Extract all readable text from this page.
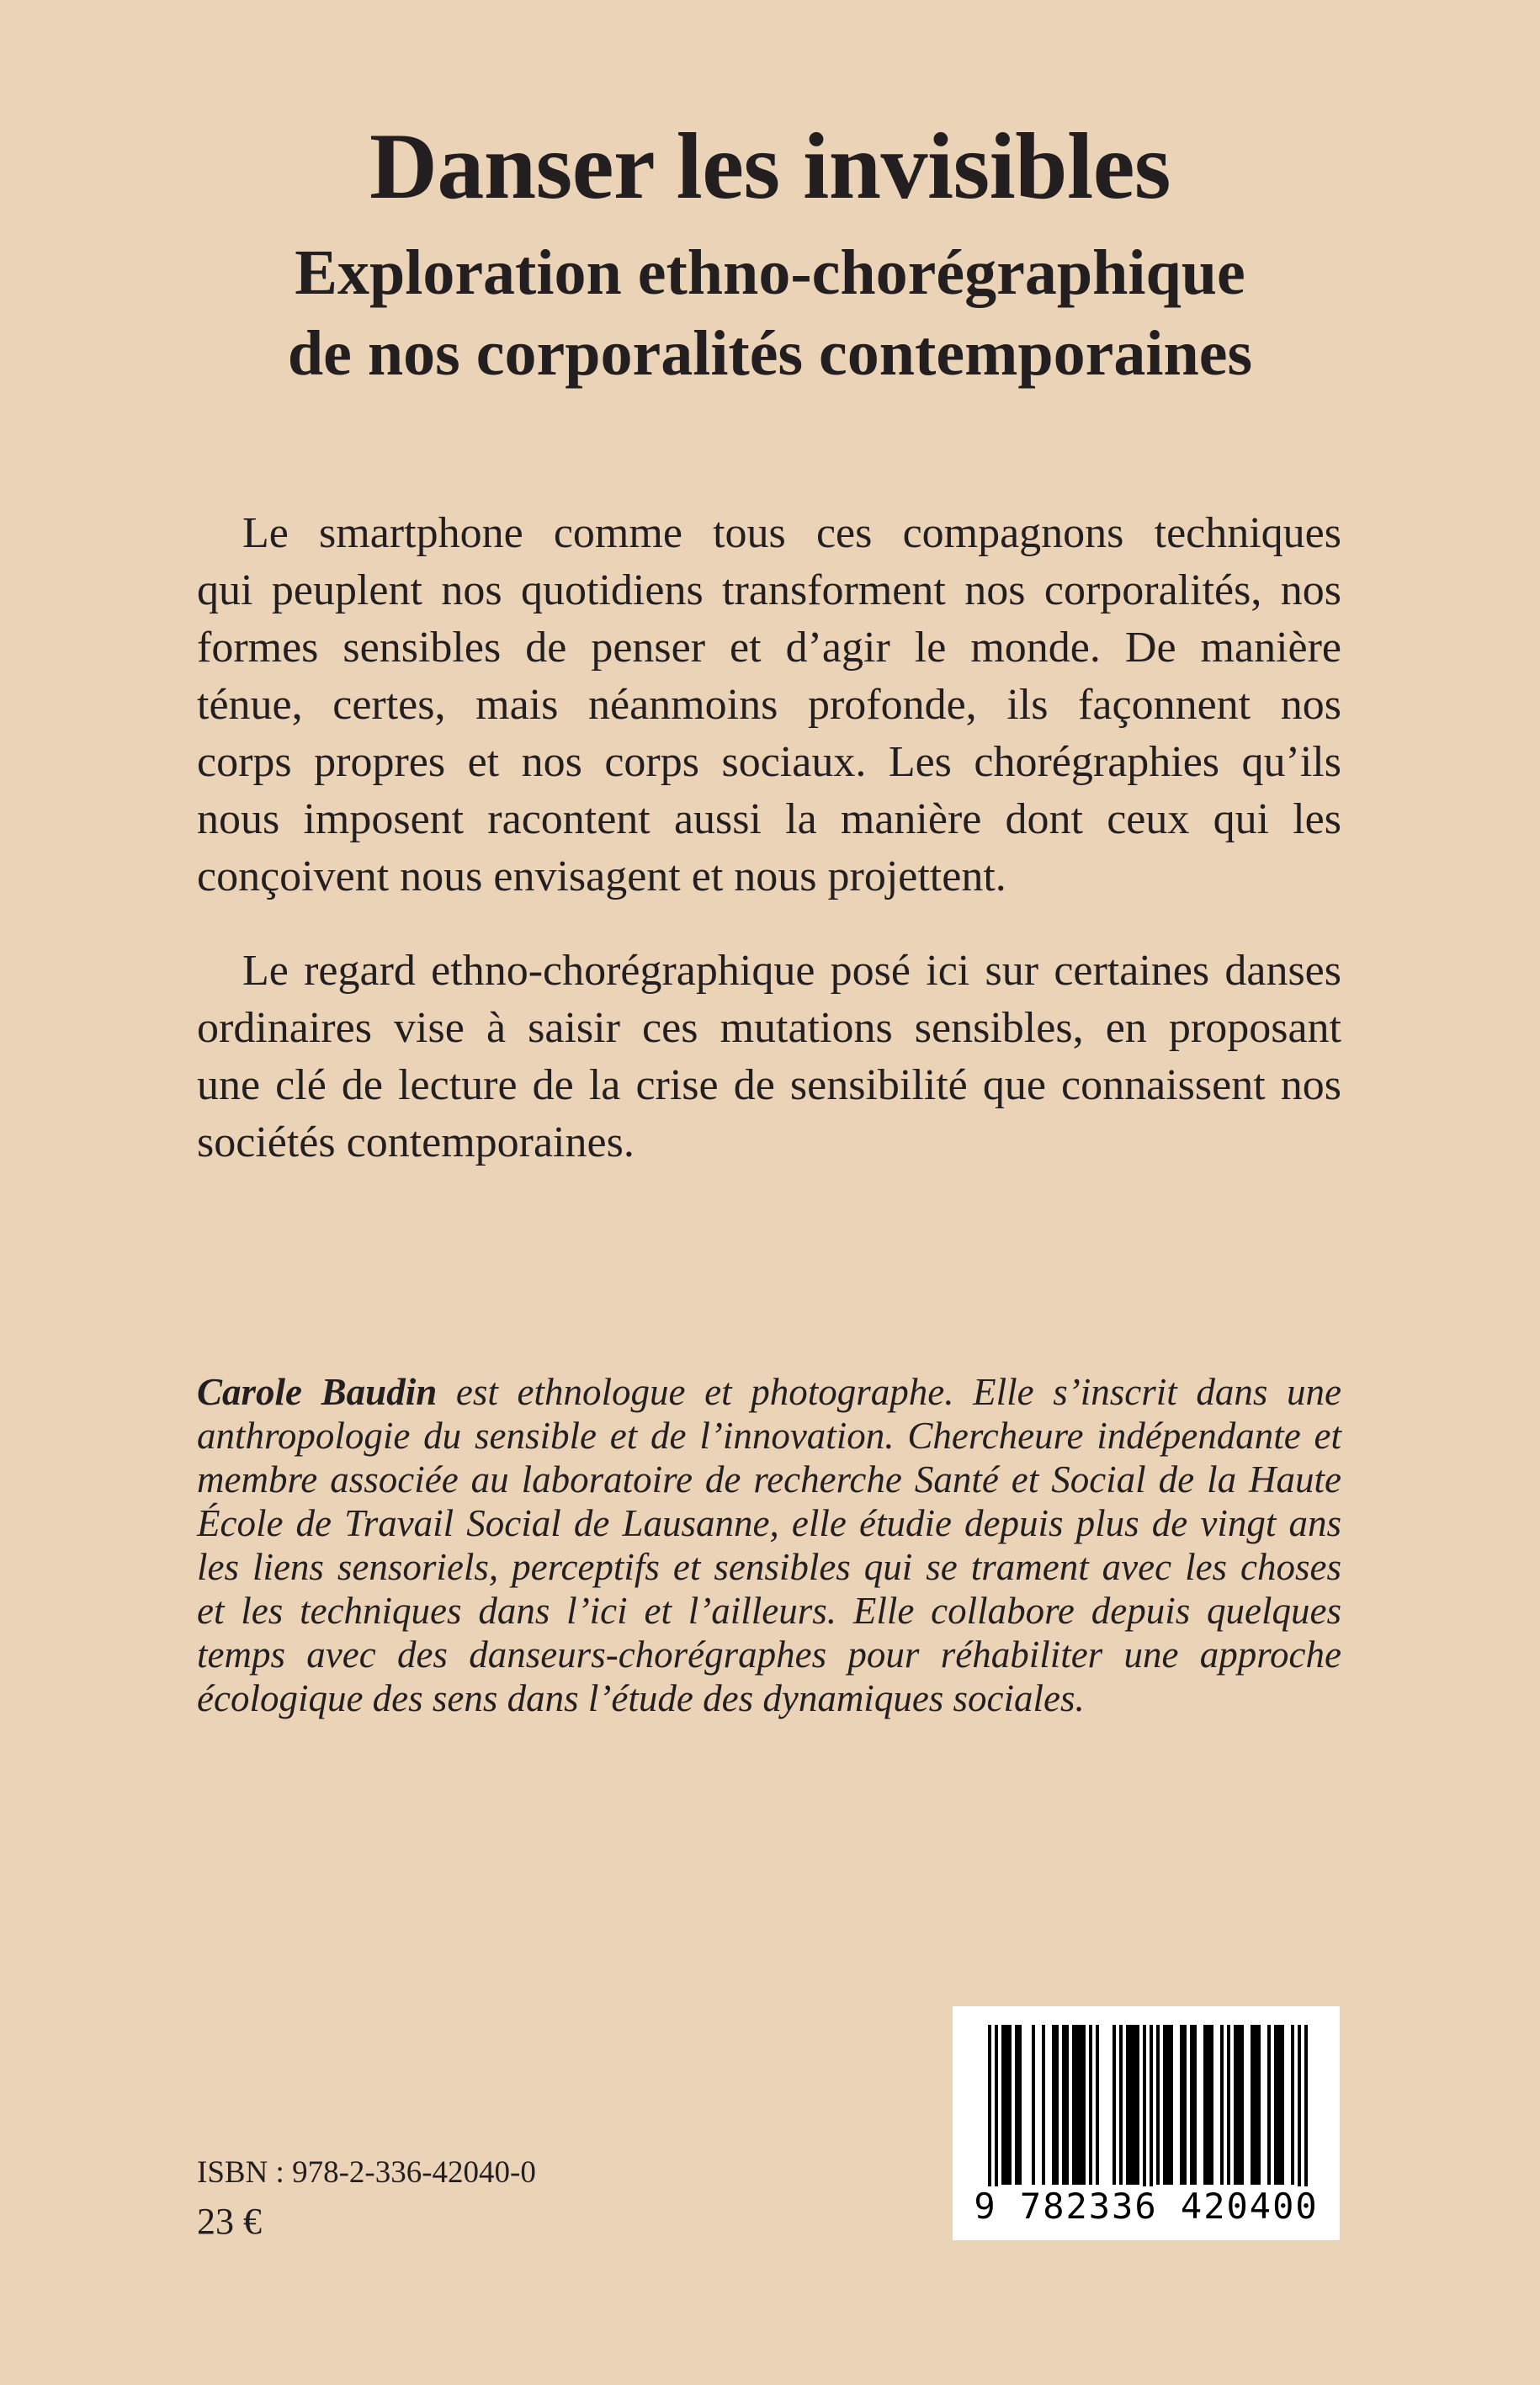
Danser les invisibles
Exploration ethno-chorégraphique
de nos corporalités contemporaines
Le smartphone comme tous ces compagnons techniques
qui peuplent nos quotidiens transforment nos corporalités, nos
formes sensibles de penser et d’agir le monde. De manière
ténue, certes, mais néanmoins profonde, ils façonnent nos
corps propres et nos corps sociaux. Les chorégraphies qu’ils
nous imposent racontent aussi la manière dont ceux qui les
conçoivent nous envisagent et nous projettent.
Le regard ethno-chorégraphique posé ici sur certaines danses
ordinaires vise à saisir ces mutations sensibles, en proposant
une clé de lecture de la crise de sensibilité que connaissent nos
sociétés contemporaines.
Carole Baudin est ethnologue et photographe. Elle s’inscrit dans une
anthropologie du sensible et de l’innovation. Chercheure indépendante et
membre associée au laboratoire de recherche Santé et Social de la Haute
École de Travail Social de Lausanne, elle étudie depuis plus de vingt ans
les liens sensoriels, perceptifs et sensibles qui se trament avec les choses
et les techniques dans l’ici et l’ailleurs. Elle collabore depuis quelques
temps avec des danseurs-chorégraphes pour réhabiliter une approche
écologique des sens dans l’étude des dynamiques sociales.
ISBN : 978-2-336-42040-0
23 €	9 782336 420400
